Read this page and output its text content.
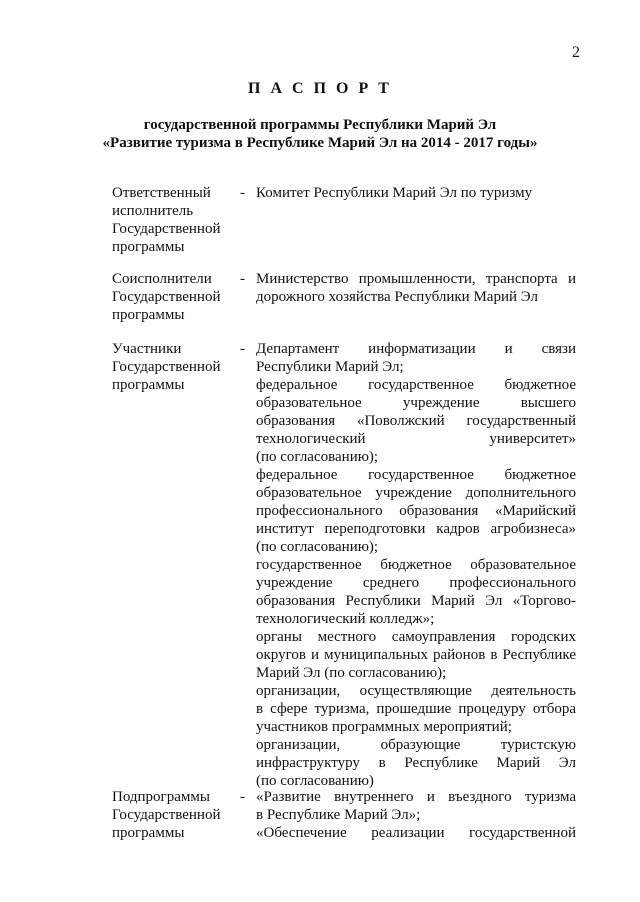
2
П А С П О Р Т
государственной программы Республики Марий Эл
«Развитие туризма в Республике Марий Эл на 2014 - 2017 годы»
Ответственный
исполнитель
Государственной
программы
- Комитет Республики Марий Эл по туризму
Соисполнители
Государственной
программы
- Министерство промышленности, транспорта и
дорожного хозяйства Республики Марий Эл
Участники
Государственной
программы
- Департамент информатизации и связи
Республики Марий Эл;
федеральное государственное бюджетное
образовательное учреждение высшего
образования «Поволжский государственный
технологический университет»
(по согласованию);
федеральное государственное бюджетное
образовательное учреждение дополнительного
профессионального образования «Марийский
институт переподготовки кадров агробизнеса»
(по согласованию);
государственное бюджетное образовательное
учреждение среднего профессионального
образования Республики Марий Эл «Торгово-
технологический колледж»;
органы местного самоуправления городских
округов и муниципальных районов в Республике
Марий Эл (по согласованию);
организации, осуществляющие деятельность
в сфере туризма, прошедшие процедуру отбора
участников программных мероприятий;
организации, образующие туристскую
инфраструктуру в Республике Марий Эл
(по согласованию)
Подпрограммы
Государственной
программы
- «Развитие внутреннего и въездного туризма
в Республике Марий Эл»;
«Обеспечение реализации государственной
